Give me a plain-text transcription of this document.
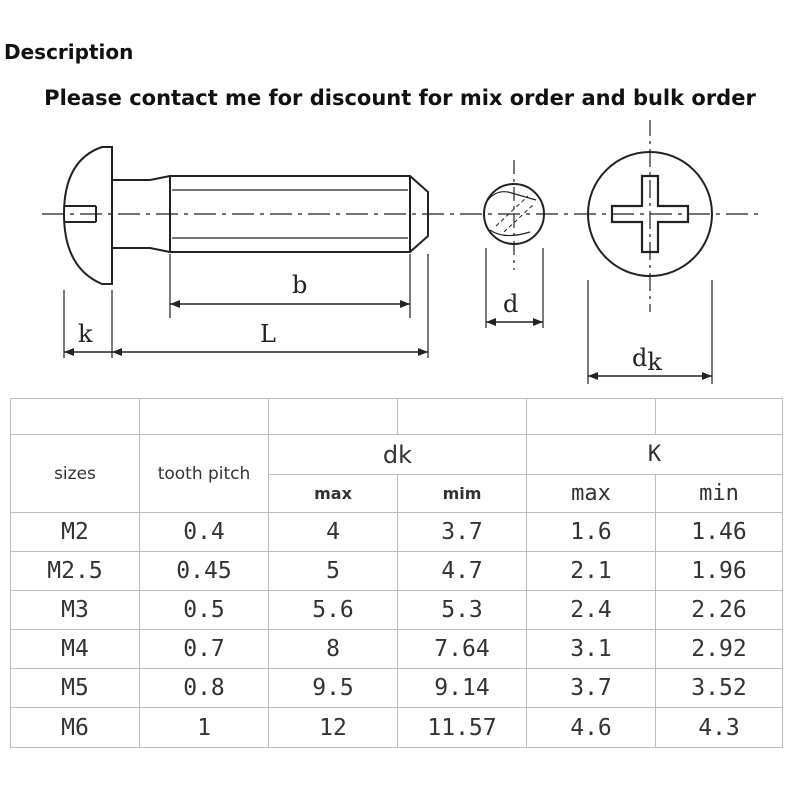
Description
Please contact me for discount for mix order and bulk order
b
L
k
d
dk

sizes	tooth pitch	dk		K	
		max	mim	max	min
M2	0.4	4	3.7	1.6	1.46
M2.5	0.45	5	4.7	2.1	1.96
M3	0.5	5.6	5.3	2.4	2.26
M4	0.7	8	7.64	3.1	2.92
M5	0.8	9.5	9.14	3.7	3.52
M6	1	12	11.57	4.6	4.3
